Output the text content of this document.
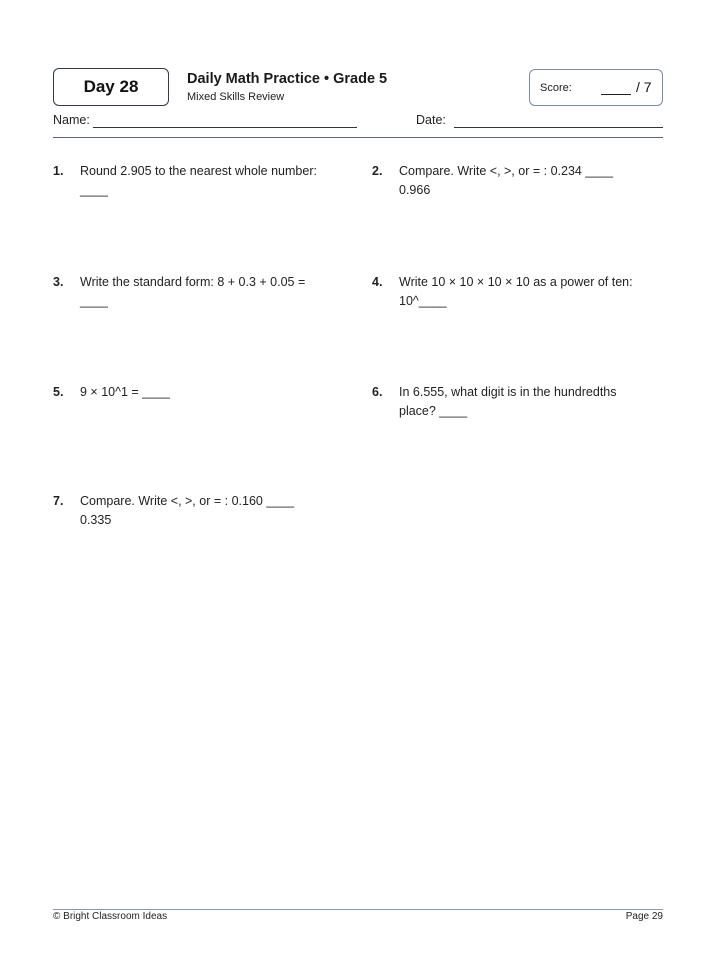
Day 28	Daily Math Practice • Grade 5
Mixed Skills Review
Score:	/ 7
Name:	Date:
1. Round 2.905 to the nearest whole number:
____
2. Compare. Write <, >, or = : 0.234 ____
0.966
3. Write the standard form: 8 + 0.3 + 0.05 =
____
4. Write 10 × 10 × 10 × 10 as a power of ten:
10^____
5. 9 × 10^1 = ____	6. In 6.555, what digit is in the hundredths
place? ____
7. Compare. Write <, >, or = : 0.160 ____
0.335
© Bright Classroom Ideas	Page 29
